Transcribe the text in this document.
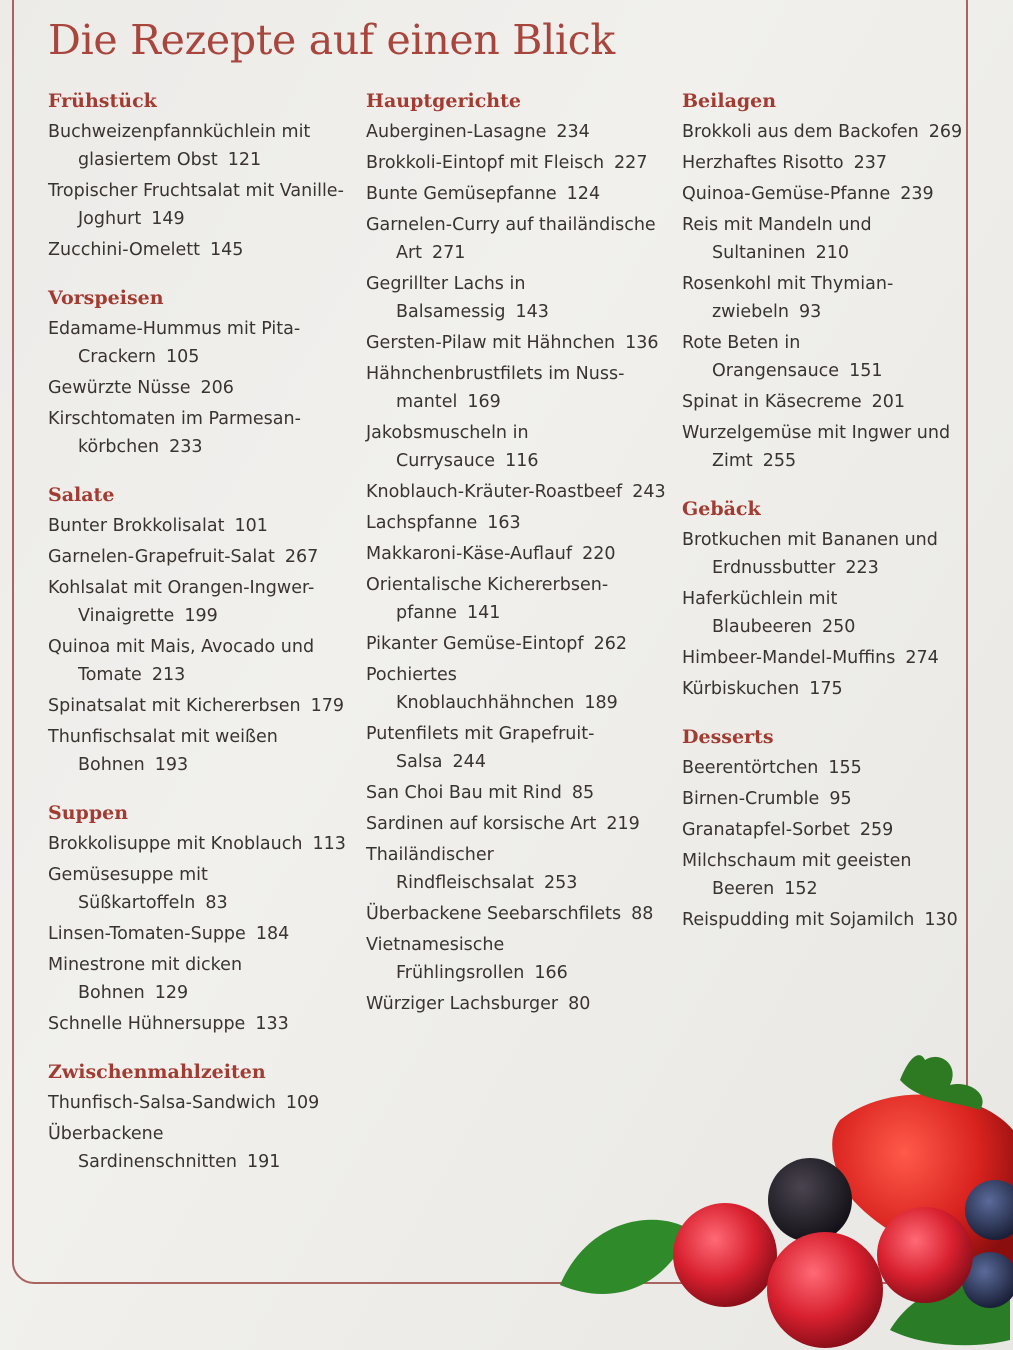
Die Rezepte auf einen Blick
Frühstück
Buchweizenpfannküchlein mit glasiertem Obst 121
Tropischer Fruchtsalat mit Vanille-Joghurt 149
Zucchini-Omelett 145
Vorspeisen
Edamame-Hummus mit Pita-Crackern 105
Gewürzte Nüsse 206
Kirschtomaten im Parmesan-körbchen 233
Salate
Bunter Brokkolisalat 101
Garnelen-Grapefruit-Salat 267
Kohlsalat mit Orangen-Ingwer-Vinaigrette 199
Quinoa mit Mais, Avocado und Tomate 213
Spinatsalat mit Kichererbsen 179
Thunfischsalat mit weißen Bohnen 193
Suppen
Brokkolisuppe mit Knoblauch 113
Gemüsesuppe mit Süßkartoffeln 83
Linsen-Tomaten-Suppe 184
Minestrone mit dicken Bohnen 129
Schnelle Hühnersuppe 133
Zwischenmahlzeiten
Thunfisch-Salsa-Sandwich 109
Überbackene Sardinenschnitten 191
Hauptgerichte
Auberginen-Lasagne 234
Brokkoli-Eintopf mit Fleisch 227
Bunte Gemüsepfanne 124
Garnelen-Curry auf thailändische Art 271
Gegrillter Lachs in Balsamessig 143
Gersten-Pilaw mit Hähnchen 136
Hähnchenbrustfilets im Nuss-mantel 169
Jakobsmuscheln in Currysauce 116
Knoblauch-Kräuter-Roastbeef 243
Lachspfanne 163
Makkaroni-Käse-Auflauf 220
Orientalische Kichererbsen-pfanne 141
Pikanter Gemüse-Eintopf 262
Pochiertes Knoblauchhähnchen 189
Putenfilets mit Grapefruit-Salsa 244
San Choi Bau mit Rind 85
Sardinen auf korsische Art 219
Thailändischer Rindfleischsalat 253
Überbackene Seebarschfilets 88
Vietnamesische Frühlingsrollen 166
Würziger Lachsburger 80
Beilagen
Brokkoli aus dem Backofen 269
Herzhaftes Risotto 237
Quinoa-Gemüse-Pfanne 239
Reis mit Mandeln und Sultaninen 210
Rosenkohl mit Thymian-zwiebeln 93
Rote Beten in Orangensauce 151
Spinat in Käsecreme 201
Wurzelgemüse mit Ingwer und Zimt 255
Gebäck
Brotkuchen mit Bananen und Erdnussbutter 223
Haferküchlein mit Blaubeeren 250
Himbeer-Mandel-Muffins 274
Kürbiskuchen 175
Desserts
Beerentörtchen 155
Birnen-Crumble 95
Granatapfel-Sorbet 259
Milchschaum mit geeisten Beeren 152
Reispudding mit Sojamilch 130
